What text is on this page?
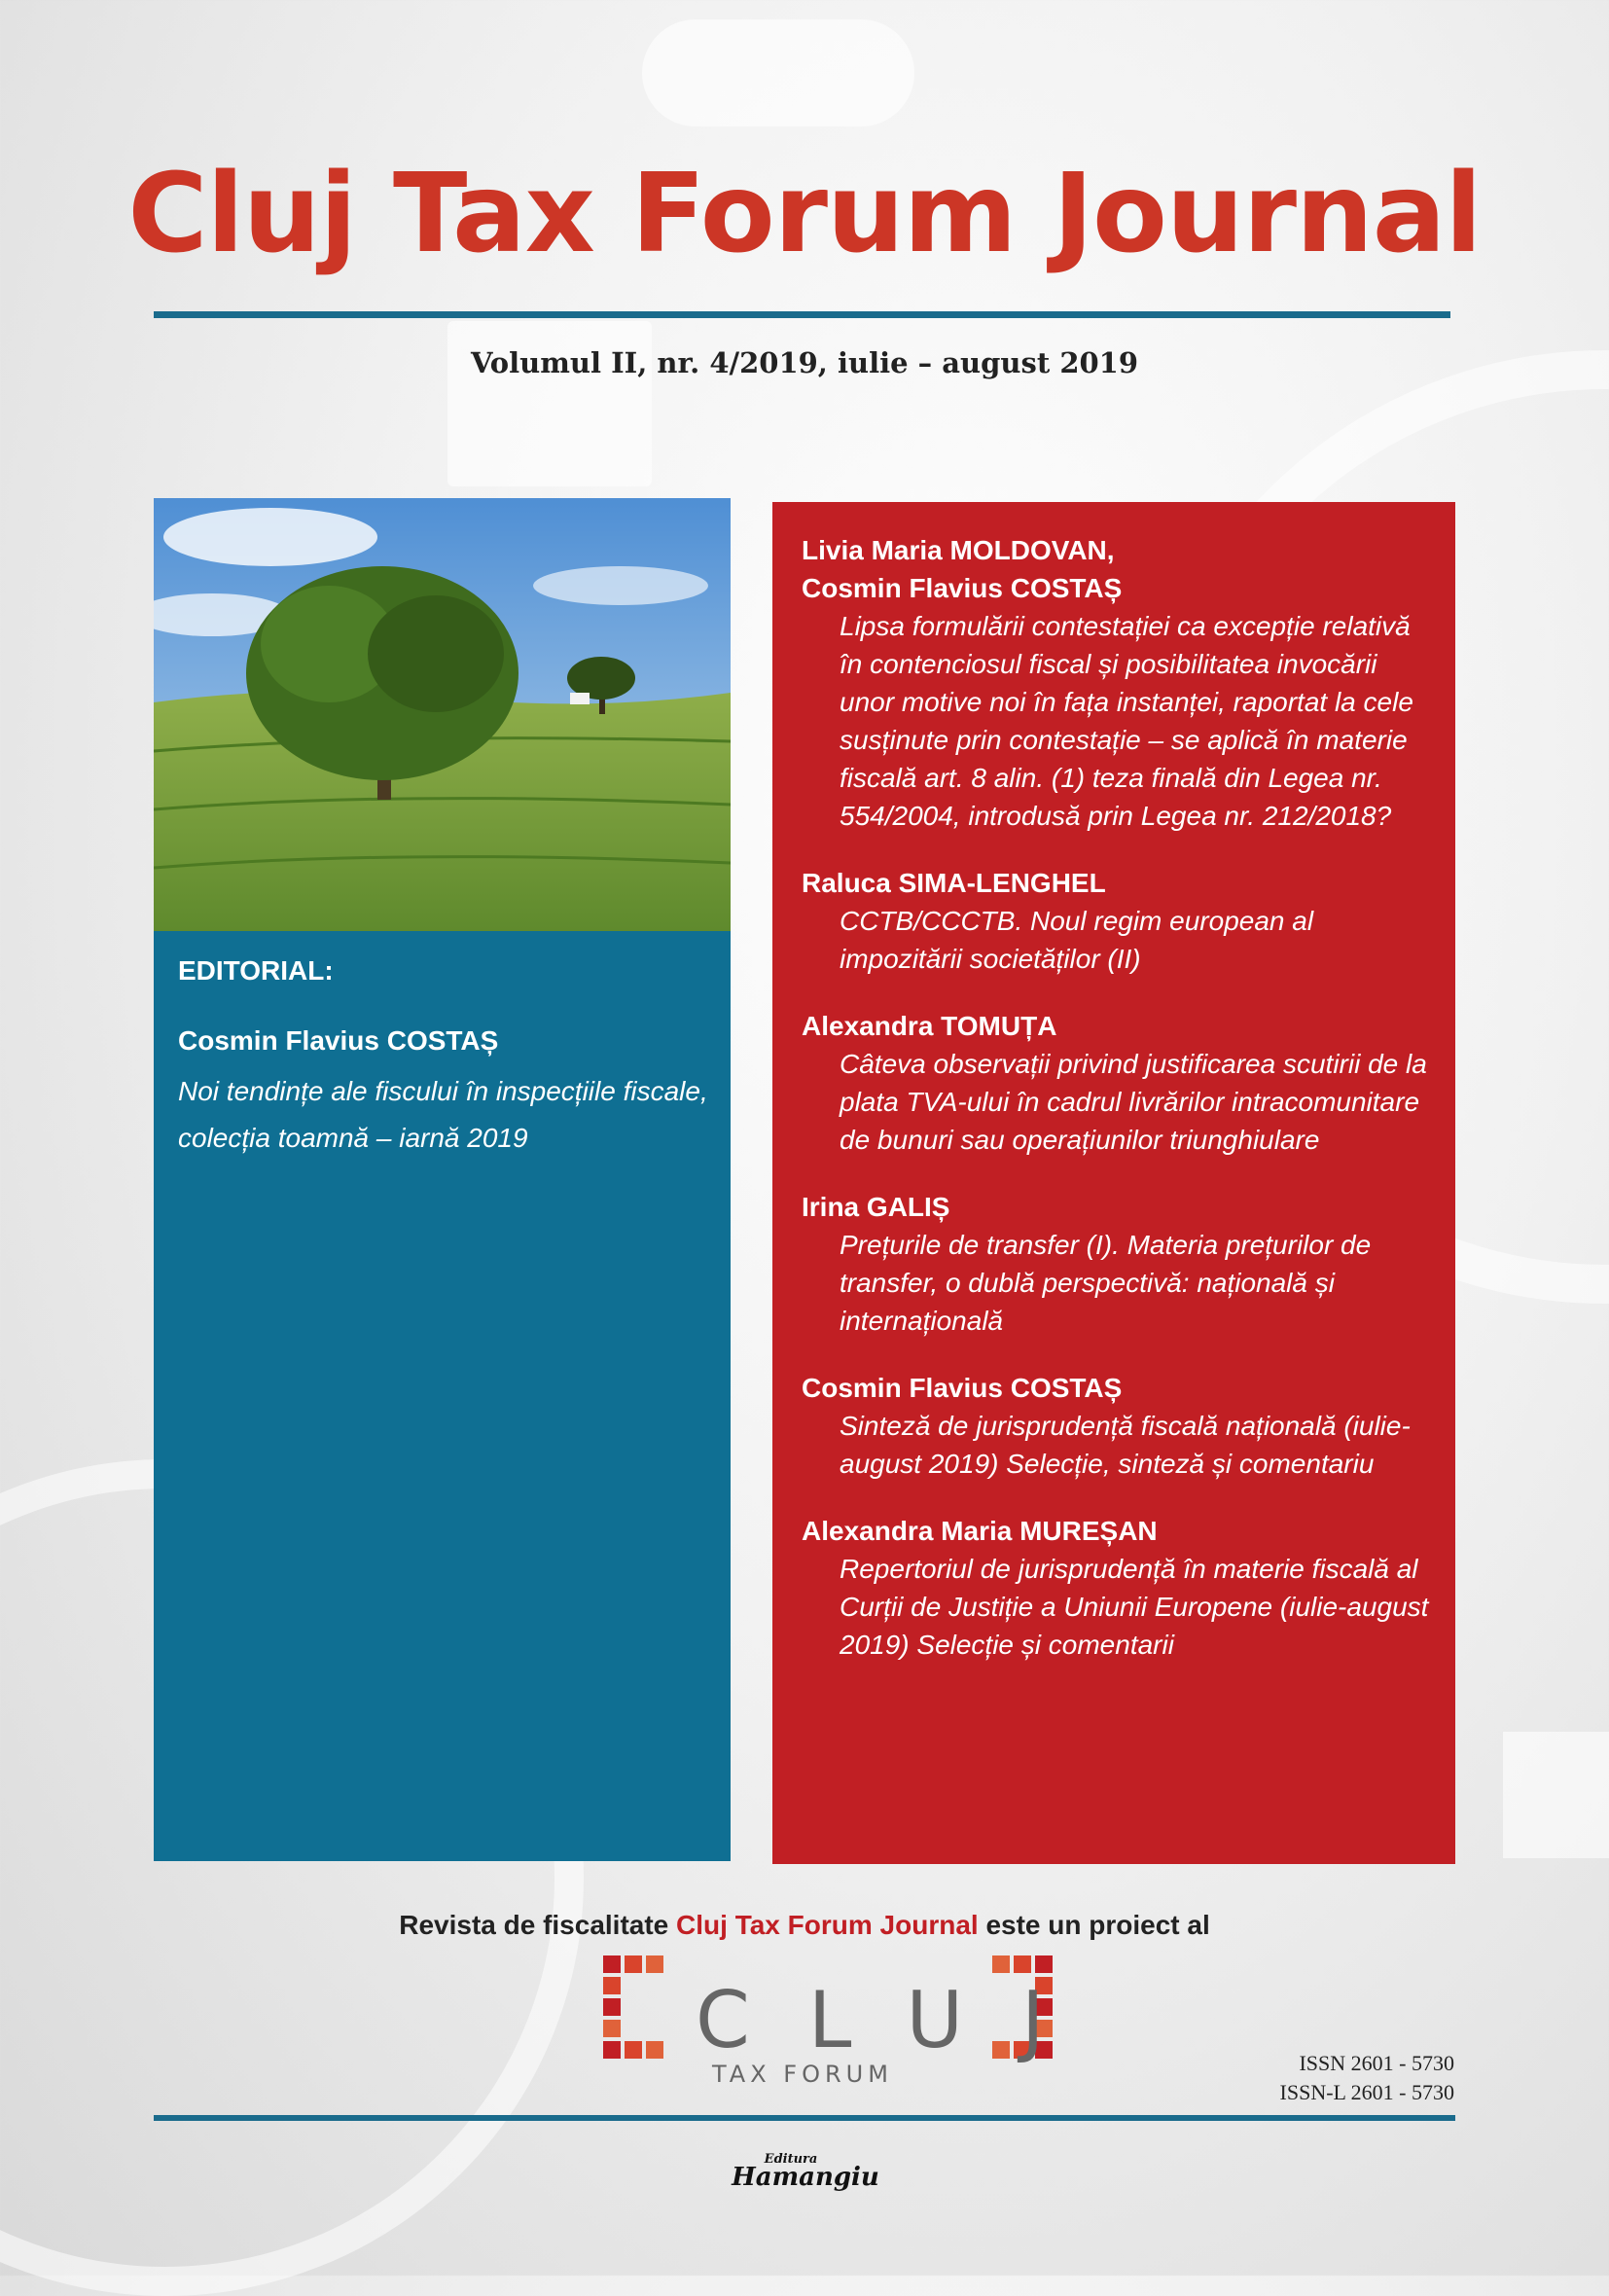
Cluj Tax Forum Journal
Volumul II, nr. 4/2019, iulie – august 2019

EDITORIAL:

Cosmin Flavius COSTAȘ

Noi tendințe ale fiscului în inspecțiile fiscale, colecția toamnă – iarnă 2019

Livia Maria MOLDOVAN,
Cosmin Flavius COSTAȘ
Lipsa formulării contestației ca excepție relativă în contenciosul fiscal și posibilitatea invocării unor motive noi în fața instanței, raportat la cele susținute prin contestație – se aplică în materie fiscală art. 8 alin. (1) teza finală din Legea nr. 554/2004, introdusă prin Legea nr. 212/2018?
Raluca SIMA-LENGHEL
CCTB/CCCTB. Noul regim european al impozitării societăților (II)
Alexandra TOMUȚA
Câteva observații privind justificarea scutirii de la plata TVA-ului în cadrul livrărilor intracomunitare de bunuri sau operațiunilor triunghiulare
Irina GALIȘ
Prețurile de transfer (I). Materia prețurilor de transfer, o dublă perspectivă: națională și internațională
Cosmin Flavius COSTAȘ
Sinteză de jurisprudență fiscală națională (iulie-august 2019) Selecție, sinteză și comentariu
Alexandra Maria MUREȘAN
Repertoriul de jurisprudență în materie fiscală al Curții de Justiție a Uniunii Europene (iulie-august 2019) Selecție și comentarii
Revista de fiscalitate Cluj Tax Forum Journal este un proiect al
CLUJ
TAX FORUM	ISSN 2601 - 5730
ISSN-L 2601 - 5730
Editura
Hamangiu
